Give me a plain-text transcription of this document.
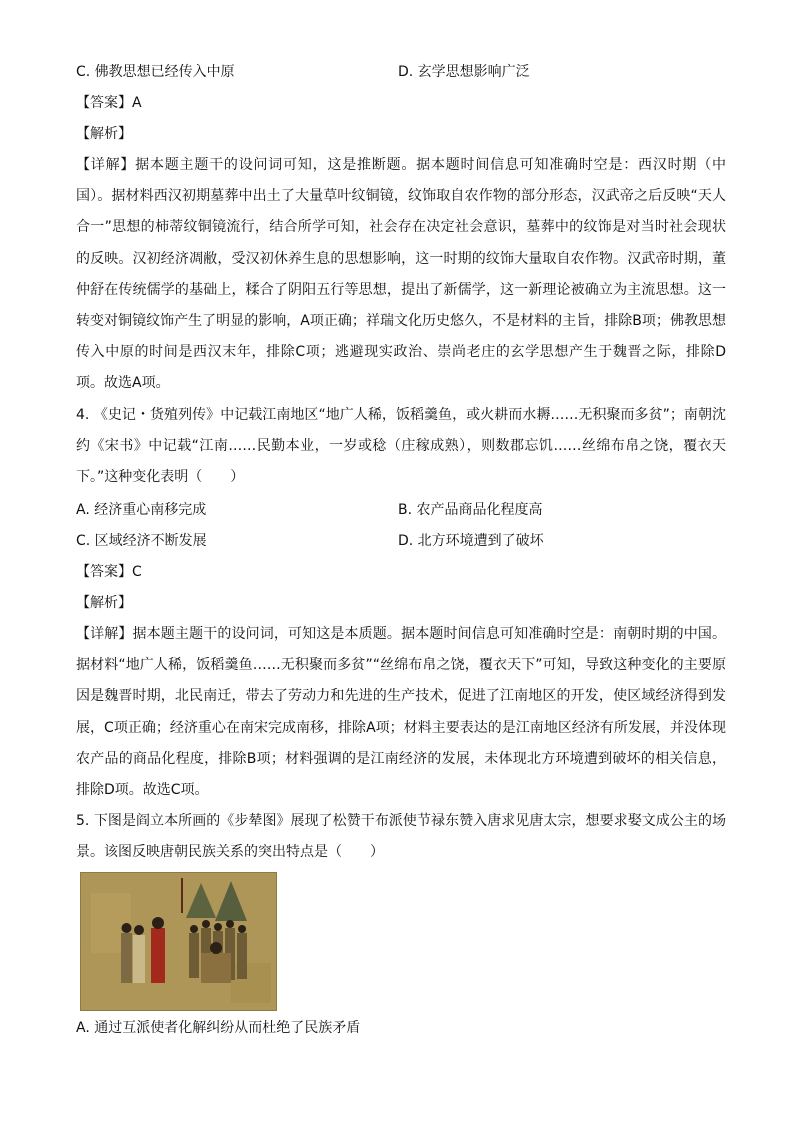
C. 佛教思想已经传入中原	D. 玄学思想影响广泛
【答案】A
【解析】
【详解】据本题主题干的设问词可知，这是推断题。据本题时间信息可知准确时空是：西汉时期（中国）。据材料西汉初期墓葬中出土了大量草叶纹铜镜，纹饰取自农作物的部分形态，汉武帝之后反映“天人合一”思想的柿蒂纹铜镜流行，结合所学可知，社会存在决定社会意识，墓葬中的纹饰是对当时社会现状的反映。汉初经济凋敝，受汉初休养生息的思想影响，这一时期的纹饰大量取自农作物。汉武帝时期，董仲舒在传统儒学的基础上，糅合了阴阳五行等思想，提出了新儒学，这一新理论被确立为主流思想。这一转变对铜镜纹饰产生了明显的影响，A项正确；祥瑞文化历史悠久，不是材料的主旨，排除B项；佛教思想传入中原的时间是西汉末年，排除C项；逃避现实政治、崇尚老庄的玄学思想产生于魏晋之际，排除D项。故选A项。
4. 《史记・货殖列传》中记载江南地区“地广人稀，饭稻羹鱼，或火耕而水耨……无积聚而多贫”；南朝沈约《宋书》中记载“江南……民勤本业，一岁或稔（庄稼成熟），则数郡忘饥……丝绵布帛之饶，覆衣天下。”这种变化表明（　　）
A. 经济重心南移完成	B. 农产品商品化程度高
C. 区域经济不断发展	D. 北方环境遭到了破坏
【答案】C
【解析】
【详解】据本题主题干的设问词，可知这是本质题。据本题时间信息可知准确时空是：南朝时期的中国。据材料“地广人稀，饭稻羹鱼……无积聚而多贫”“丝绵布帛之饶，覆衣天下”可知，导致这种变化的主要原因是魏晋时期，北民南迁，带去了劳动力和先进的生产技术，促进了江南地区的开发，使区域经济得到发展，C项正确；经济重心在南宋完成南移，排除A项；材料主要表达的是江南地区经济有所发展，并没体现农产品的商品化程度，排除B项；材料强调的是江南经济的发展，未体现北方环境遭到破坏的相关信息，排除D项。故选C项。
5. 下图是阎立本所画的《步辇图》展现了松赞干布派使节禄东赞入唐求见唐太宗，想要求娶文成公主的场景。该图反映唐朝民族关系的突出特点是（　　）
A. 通过互派使者化解纠纷从而杜绝了民族矛盾
